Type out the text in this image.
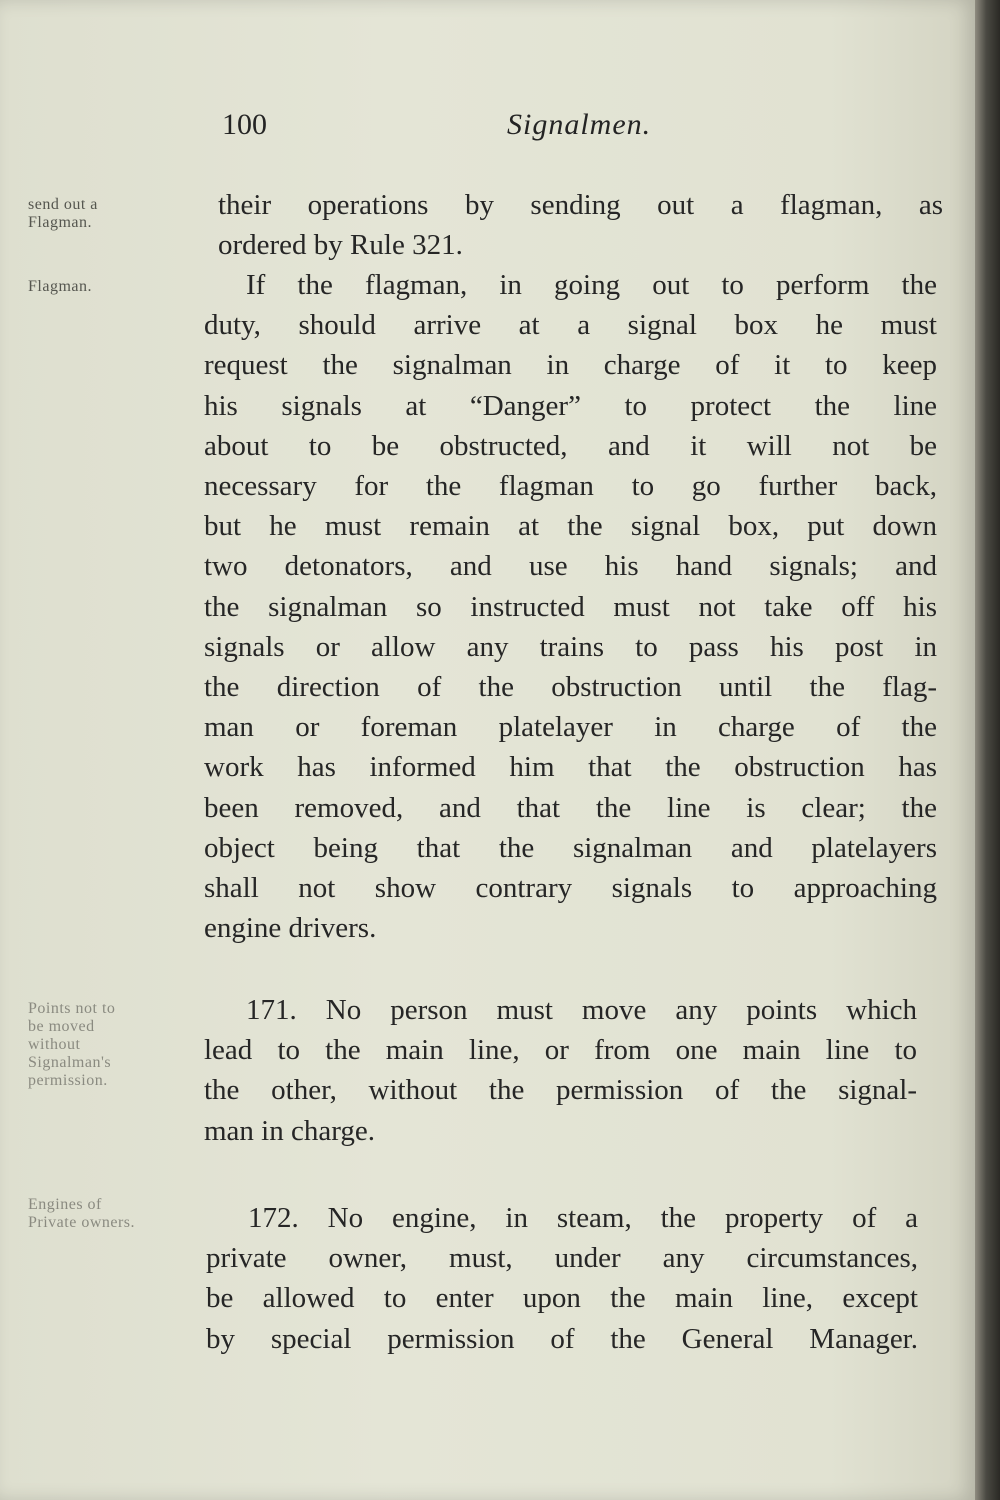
100	Signalmen.
send out a
Flagman.
Flagman.
Points not to
be moved
without
Signalman's
permission.
Engines of
Private owners.
their operations by sending out a flagman, as
ordered by Rule 321.
If the flagman, in going out to perform the
duty, should arrive at a signal box he must
request the signalman in charge of it to keep
his signals at “Danger” to protect the line
about to be obstructed, and it will not be
necessary for the flagman to go further back,
but he must remain at the signal box, put down
two detonators, and use his hand signals; and
the signalman so instructed must not take off his
signals or allow any trains to pass his post in
the direction of the obstruction until the flag-
man or foreman platelayer in charge of the
work has informed him that the obstruction has
been removed, and that the line is clear; the
object being that the signalman and platelayers
shall not show contrary signals to approaching
engine drivers.
171. No person must move any points which
lead to the main line, or from one main line to
the other, without the permission of the signal-
man in charge.
172. No engine, in steam, the property of a
private owner, must, under any circumstances,
be allowed to enter upon the main line, except
by special permission of the General Manager.
